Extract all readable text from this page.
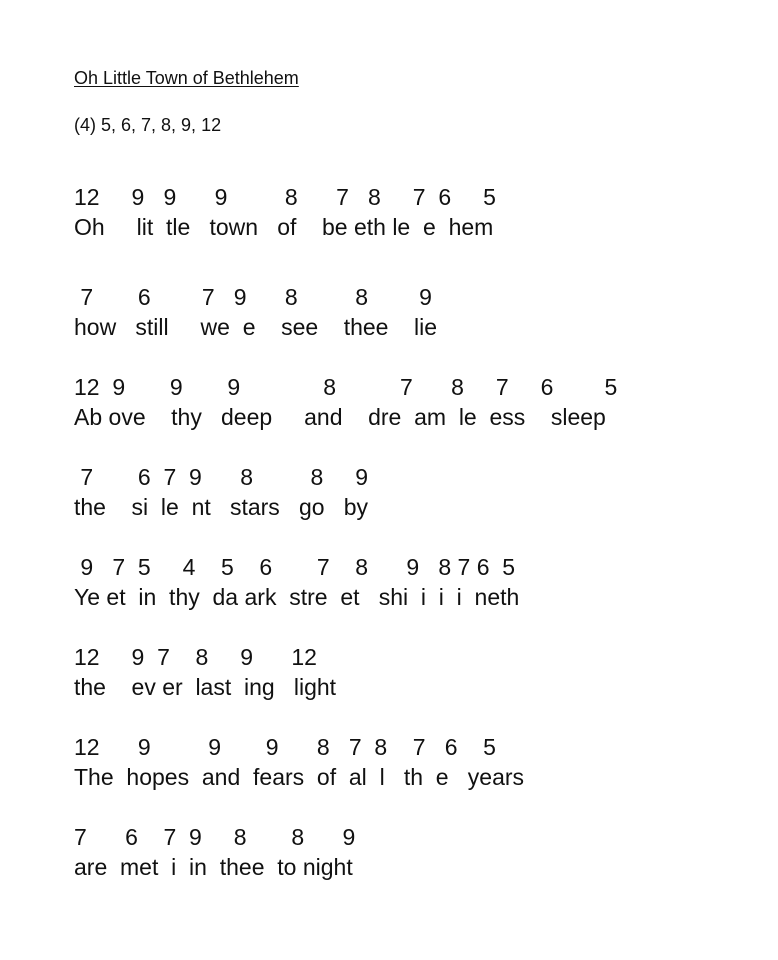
Oh Little Town of Bethlehem
(4) 5, 6, 7, 8, 9, 12
12     9   9      9         8      7   8     7  6     5
Oh     lit  tle   town   of    be eth le  e  hem
7       6        7   9      8         8        9
how   still     we  e    see    thee    lie
12  9       9       9             8          7      8     7     6        5
Ab ove    thy   deep     and    dre  am  le  ess    sleep
7       6  7  9      8         8     9
the    si  le  nt   stars   go   by
9   7  5     4    5    6       7    8      9   8 7 6  5
Ye et  in  thy  da ark  stre  et   shi  i  i  i  neth
12     9  7    8     9      12
the    ev er  last  ing   light
12      9         9       9      8   7  8    7   6    5
The  hopes  and  fears  of  al  l   th  e   years
7      6    7  9     8       8      9
are  met  i  in  thee  to night
